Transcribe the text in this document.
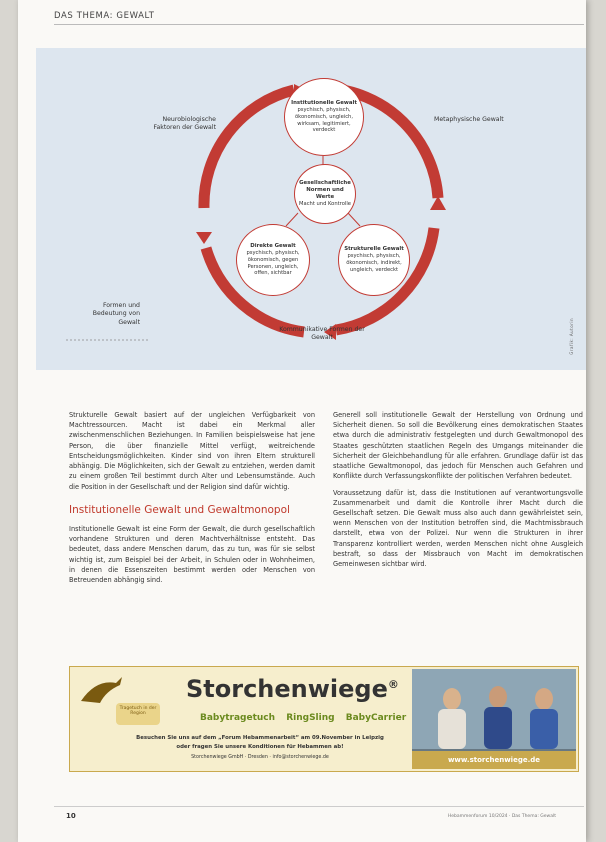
DAS THEMA: GEWALT
Neurobiologische Faktoren der Gewalt
Metaphysische Gewalt
Formen und Bedeutung von Gewalt
Kommunikative Formen der Gewalt
Institutionelle Gewalt
psychisch, physisch, ökonomisch, ungleich, wirksam, legitimiert, verdeckt
Gesellschaftliche Normen und Werte
Macht und Kontrolle
Direkte Gewalt
psychisch, physisch, ökonomisch, gegen Personen, ungleich, offen, sichtbar
Strukturelle Gewalt
psychisch, physisch, ökonomisch, indirekt, ungleich, verdeckt
Grafik: Autorin

Strukturelle Gewalt basiert auf der ungleichen Verfügbarkeit von Machtressourcen. Macht ist dabei ein Merkmal aller zwischenmenschlichen Beziehungen. In Familien beispielsweise hat jene Person, die über finanzielle Mittel verfügt, weitreichende Entscheidungsmöglichkeiten. Kinder sind von ihren Eltern strukturell abhängig. Die Möglichkeiten, sich der Gewalt zu entziehen, werden damit zu einem großen Teil bestimmt durch Alter und Lebensumstände. Auch die Position in der Gesellschaft und der Religion sind dafür wichtig.

Institutionelle Gewalt und Gewaltmonopol

Institutionelle Gewalt ist eine Form der Gewalt, die durch gesellschaftlich vorhandene Strukturen und deren Machtverhältnisse entsteht. Das bedeutet, dass andere Menschen darum, das zu tun, was für sie selbst wichtig ist, zum Beispiel bei der Arbeit, in Schulen oder in Wohnheimen, in denen die Essenszeiten bestimmt werden oder Menschen von Betreuenden abhängig sind.

Generell soll institutionelle Gewalt der Herstellung von Ordnung und Sicherheit dienen. So soll die Bevölkerung eines demokratischen Staates etwa durch die administrativ festgelegten und durch Gewaltmonopol des Staates geschützten staatlichen Regeln des Umgangs miteinander die Sicherheit der Gleichbehandlung für alle erfahren. Grundlage dafür ist das staatliche Gewaltmonopol, das jedoch für Menschen auch Gefahren und Konflikte durch Verfassungskonflikte der politischen Verfahren bedeutet.

Voraussetzung dafür ist, dass die Institutionen auf verantwortungsvolle Zusammenarbeit und damit die Kontrolle ihrer Macht durch die Gesellschaft setzen. Die Gewalt muss also auch dann gewährleistet sein, wenn Menschen von der Institution betroffen sind, die Machtmissbrauch darstellt, etwa von der Polizei. Nur wenn die Strukturen in ihrer Transparenz kontrolliert werden, werden Menschen nicht ohne Ausgleich bestraft, so dass der Missbrauch von Macht im demokratischen Gemeinwesen sichtbar wird.

Tragetuch in der Region
Storchenwiege®
Babytragetuch RingSling BabyCarrier
Besuchen Sie uns auf dem „Forum Hebammenarbeit“ am 09.November in Leipzig
oder fragen Sie unsere Konditionen für Hebammen ab!
Storchenwiege GmbH · Dresden · info@storchenwiege.de	www.storchenwiege.de
10	Hebammenforum 10/2024 · Das Thema: Gewalt
